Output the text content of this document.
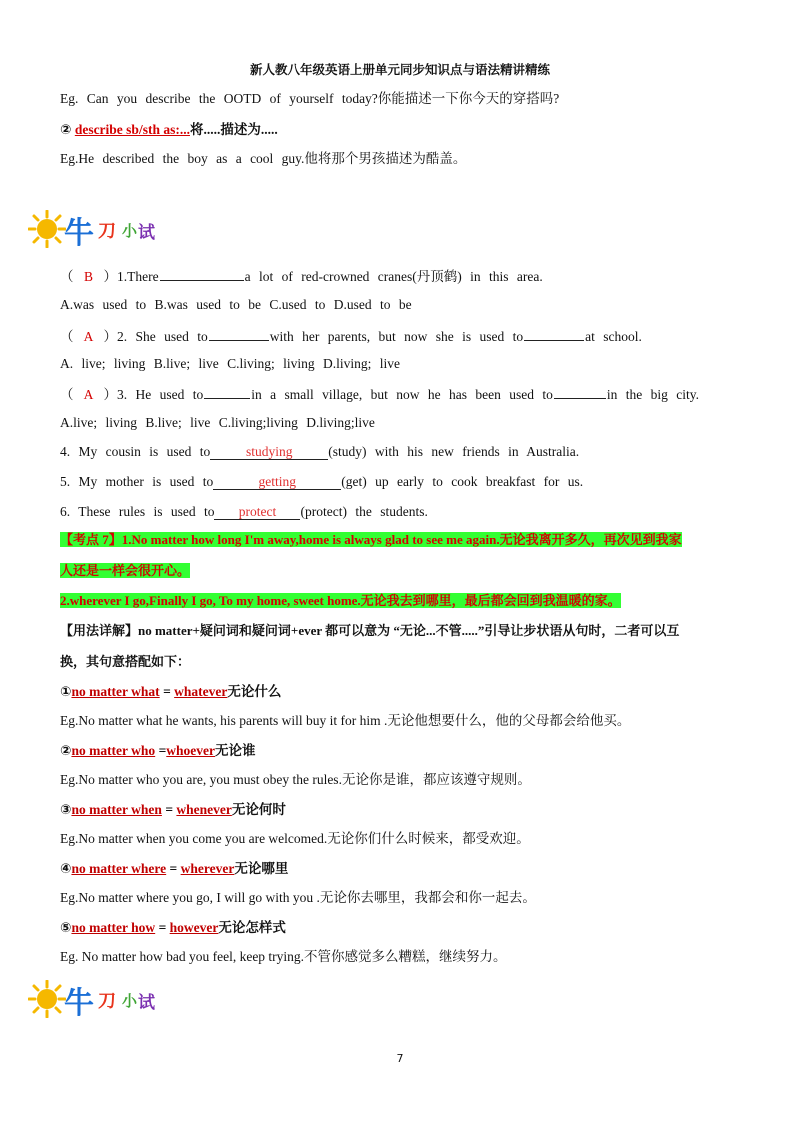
新人教八年级英语上册单元同步知识点与语法精讲精练
Eg. Can you describe the OOTD of yourself today?你能描述一下你今天的穿搭吗?
② describe sb/sth as:...将.....描述为.....
Eg.He described the boy as a cool guy.他将那个男孩描述为酷盖。
牛 刀 小 试
（ B ）1.There	a lot of red-crowned cranes(丹顶鹤) in this area.
A.was used to B.was used to be C.used to D.used to be
（ A ）2. She used to	with her parents, but now she is used to	at school.
A. live; living B.live; live C.living; living D.living; live
（ A ）3. He used to	in a small village, but now he has been used to	in the big city.
A.live; living B.live; live C.living;living D.living;live
4. My cousin is used to	studying	(study) with his new friends in Australia.
5. My mother is used to	getting	(get) up early to cook breakfast for us.
6. These rules is used to protect (protect) the students.
【考点 7】1.No matter how long I'm away,home is always glad to see me again.无论我离开多久，再次见到我家
人还是一样会很开心。
2.wherever I go,Finally I go, To my home, sweet home.无论我去到哪里，最后都会回到我温暖的家。
【用法详解】no matter+疑问词和疑问词+ever 都可以意为 “无论...不管.....”引导让步状语从句时，二者可以互
换，其句意搭配如下：
①no matter what = whatever无论什么
Eg.No matter what he wants, his parents will buy it for him .无论他想要什么，他的父母都会给他买。
②no matter who =whoever无论谁
Eg.No matter who you are, you must obey the rules.无论你是谁，都应该遵守规则。
③no matter when = whenever无论何时
Eg.No matter when you come you are welcomed.无论你们什么时候来，都受欢迎。
④no matter where = wherever无论哪里
Eg.No matter where you go, I will go with you .无论你去哪里，我都会和你一起去。
⑤no matter how = however无论怎样式
Eg. No matter how bad you feel, keep trying.不管你感觉多么糟糕，继续努力。
牛 刀 小 试
7
